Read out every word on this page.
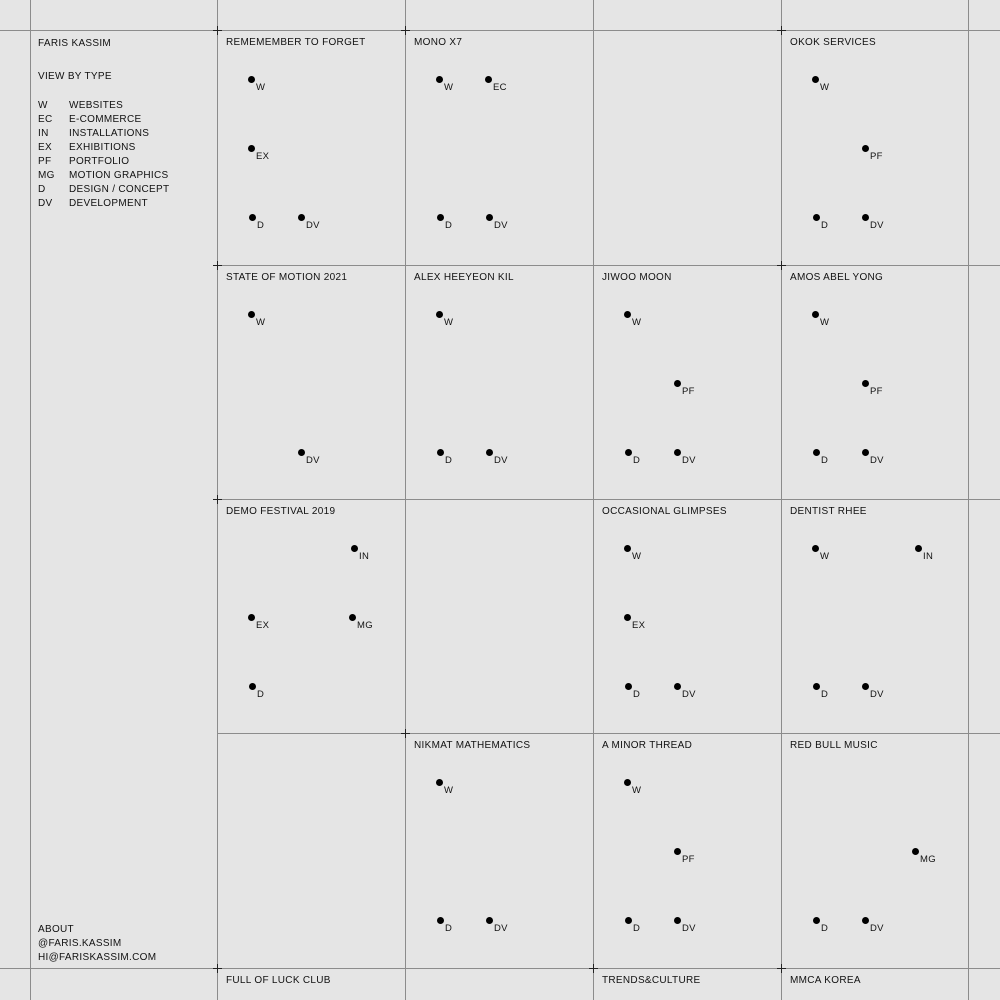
FARIS KASSIM
VIEW BY TYPE
W WEBSITES
EC E-COMMERCE
IN INSTALLATIONS
EX EXHIBITIONS
PF PORTFOLIO
MG MOTION GRAPHICS
D DESIGN / CONCEPT
DV DEVELOPMENT
ABOUT
@FARIS.KASSIM
HI@FARISKASSIM.COM
REMEMEMBER TO FORGET
W
EX
D	DV
MONO X7
W	EC
D	DV
OKOK SERVICES
W
PF
D	DV
STATE OF MOTION 2021
W
DV
ALEX HEEYEON KIL
W
D	DV
JIWOO MOON
W
PF
D	DV
AMOS ABEL YONG
W
PF
D	DV
DEMO FESTIVAL 2019
IN
EX	MG
D
OCCASIONAL GLIMPSES
W
EX
D	DV
DENTIST RHEE
W	IN
D	DV
NIKMAT MATHEMATICS
W
D	DV
A MINOR THREAD
W
PF
D	DV
RED BULL MUSIC
MG
D	DV
FULL OF LUCK CLUB	TRENDS&CULTURE	MMCA KOREA
